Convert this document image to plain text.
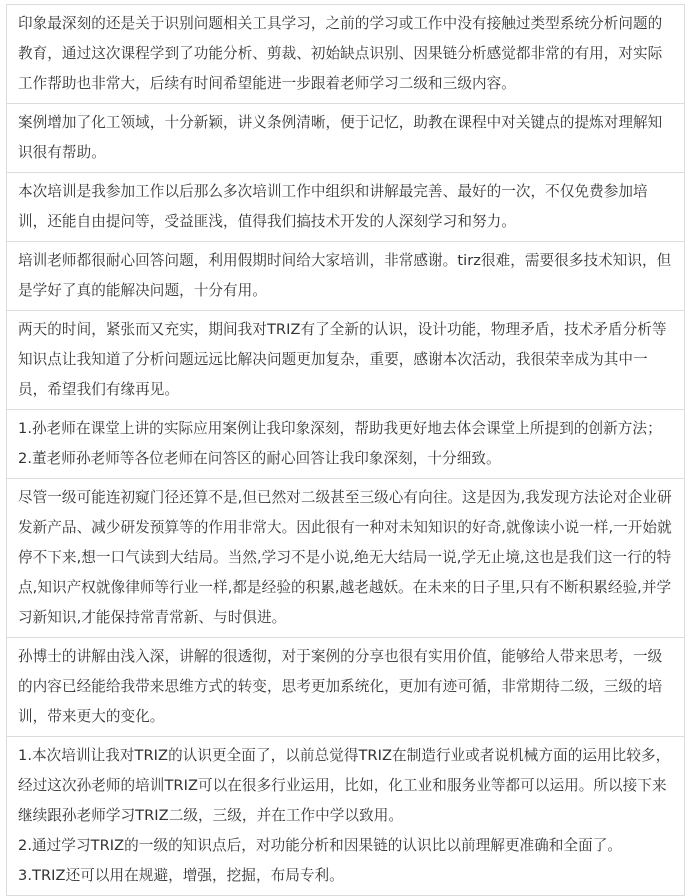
印象最深刻的还是关于识别问题相关工具学习，之前的学习或工作中没有接触过类型系统分析问题的教育，通过这次课程学到了功能分析、剪裁、初始缺点识别、因果链分析感觉都非常的有用，对实际工作帮助也非常大，后续有时间希望能进一步跟着老师学习二级和三级内容。
案例增加了化工领域，十分新颖，讲义条例清晰，便于记忆，助教在课程中对关键点的提炼对理解知识很有帮助。
本次培训是我参加工作以后那么多次培训工作中组织和讲解最完善、最好的一次，不仅免费参加培训，还能自由提问等，受益匪浅，值得我们搞技术开发的人深刻学习和努力。
培训老师都很耐心回答问题，利用假期时间给大家培训，非常感谢。tirz很难，需要很多技术知识，但是学好了真的能解决问题，十分有用。
两天的时间，紧张而又充实，期间我对TRIZ有了全新的认识，设计功能，物理矛盾，技术矛盾分析等知识点让我知道了分析问题远远比解决问题更加复杂，重要，感谢本次活动，我很荣幸成为其中一员，希望我们有缘再见。
1.孙老师在课堂上讲的实际应用案例让我印象深刻，帮助我更好地去体会课堂上所提到的创新方法；2.董老师孙老师等各位老师在问答区的耐心回答让我印象深刻，十分细致。
尽管一级可能连初窥门径还算不是,但已然对二级甚至三级心有向往。这是因为,我发现方法论对企业研发新产品、减少研发预算等的作用非常大。因此很有一种对未知知识的好奇,就像读小说一样,一开始就停不下来,想一口气读到大结局。当然,学习不是小说,绝无大结局一说,学无止境,这也是我们这一行的特点,知识产权就像律师等行业一样,都是经验的积累,越老越妖。在未来的日子里,只有不断积累经验,并学习新知识,才能保持常青常新、与时俱进。
孙博士的讲解由浅入深，讲解的很透彻，对于案例的分享也很有实用价值，能够给人带来思考，一级的内容已经能给我带来思维方式的转变，思考更加系统化，更加有迹可循，非常期待二级，三级的培训，带来更大的变化。

1.本次培训让我对TRIZ的认识更全面了，以前总觉得TRIZ在制造行业或者说机械方面的运用比较多，经过这次孙老师的培训TRIZ可以在很多行业运用，比如，化工业和服务业等都可以运用。所以接下来继续跟孙老师学习TRIZ二级，三级，并在工作中学以致用。
2.通过学习TRIZ的一级的知识点后，对功能分析和因果链的认识比以前理解更准确和全面了。
3.TRIZ还可以用在规避，增强，挖掘，布局专利。
